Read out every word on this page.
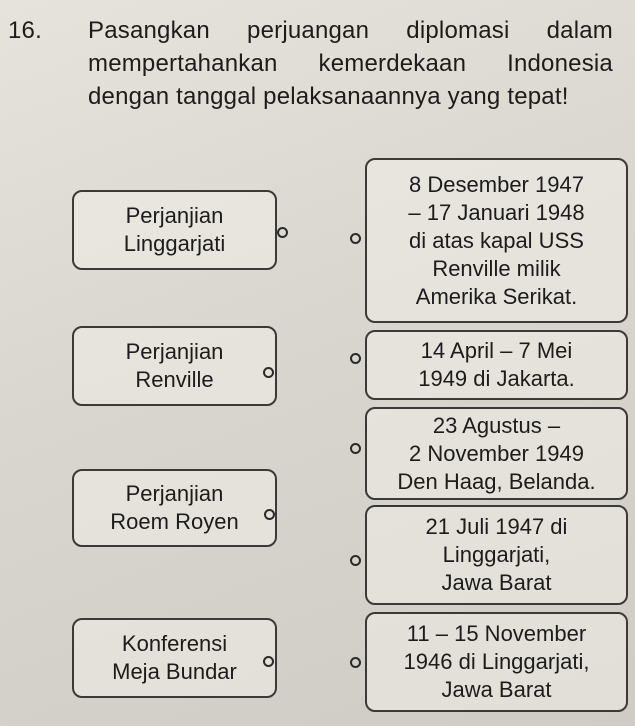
16.	Pasangkan perjuangan diplomasi dalam mempertahankan kemerdekaan Indonesia dengan tanggal pelaksanaannya yang tepat!
Perjanjian
Linggarjati
Perjanjian
Renville
Perjanjian
Roem Royen
Konferensi
Meja Bundar
8 Desember 1947
– 17 Januari 1948
di atas kapal USS
Renville milik
Amerika Serikat.
14 April – 7 Mei
1949 di Jakarta.
23 Agustus –
2 November 1949
Den Haag, Belanda.
21 Juli 1947 di
Linggarjati,
Jawa Barat
11 – 15 November
1946 di Linggarjati,
Jawa Barat
